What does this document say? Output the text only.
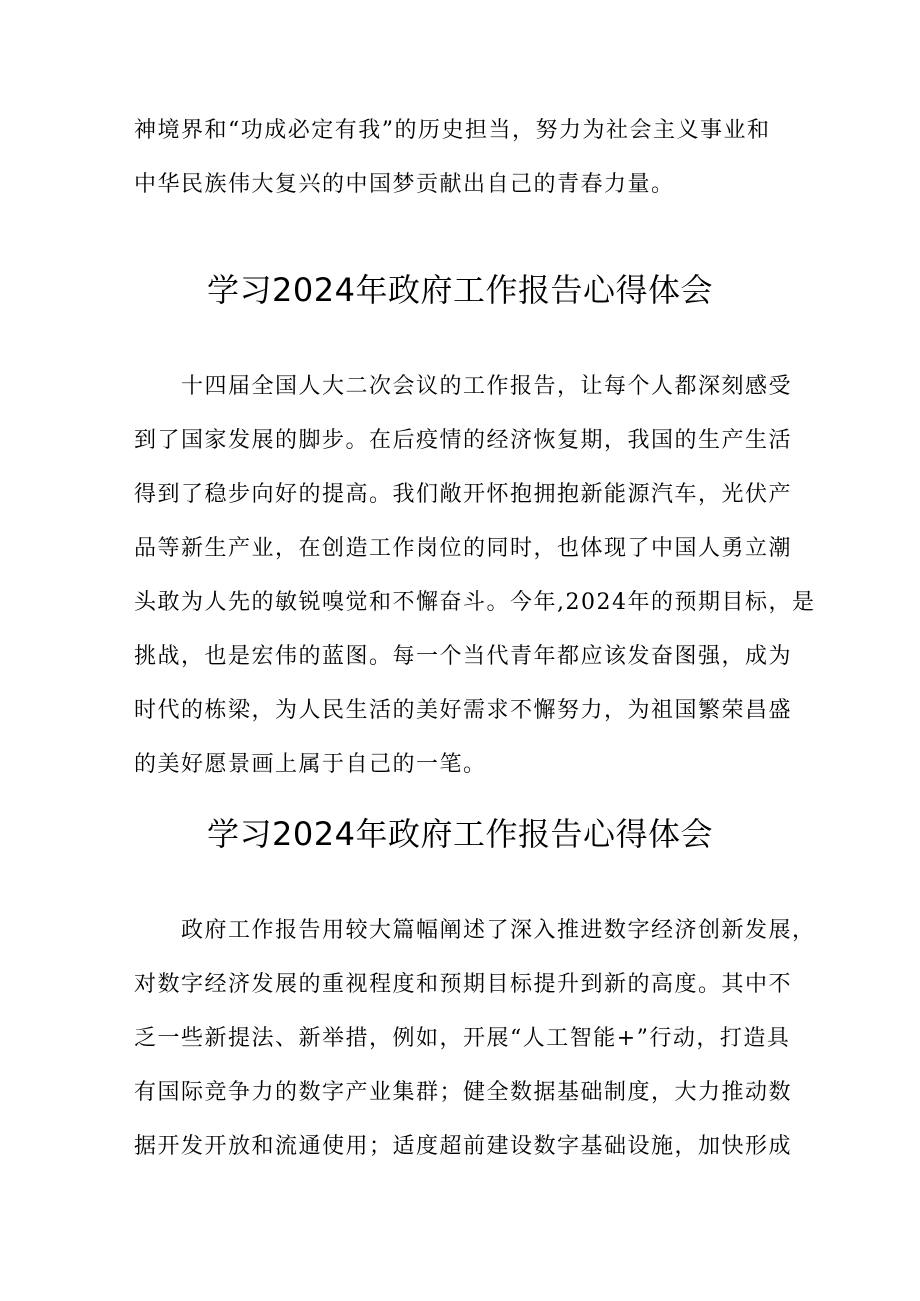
神境界和“功成必定有我”的历史担当，努力为社会主义事业和
中华民族伟大复兴的中国梦贡献出自己的青春力量。
学习2024年政府工作报告心得体会
　　十四届全国人大二次会议的工作报告，让每个人都深刻感受
到了国家发展的脚步。在后疫情的经济恢复期，我国的生产生活
得到了稳步向好的提高。我们敞开怀抱拥抱新能源汽车，光伏产
品等新生产业，在创造工作岗位的同时，也体现了中国人勇立潮
头敢为人先的敏锐嗅觉和不懈奋斗。今年,2024年的预期目标，是
挑战，也是宏伟的蓝图。每一个当代青年都应该发奋图强，成为
时代的栋梁，为人民生活的美好需求不懈努力，为祖国繁荣昌盛
的美好愿景画上属于自己的一笔。
学习2024年政府工作报告心得体会
　　政府工作报告用较大篇幅阐述了深入推进数字经济创新发展，
对数字经济发展的重视程度和预期目标提升到新的高度。其中不
乏一些新提法、新举措，例如，开展“人工智能+”行动，打造具
有国际竞争力的数字产业集群；健全数据基础制度，大力推动数
据开发开放和流通使用；适度超前建设数字基础设施，加快形成
